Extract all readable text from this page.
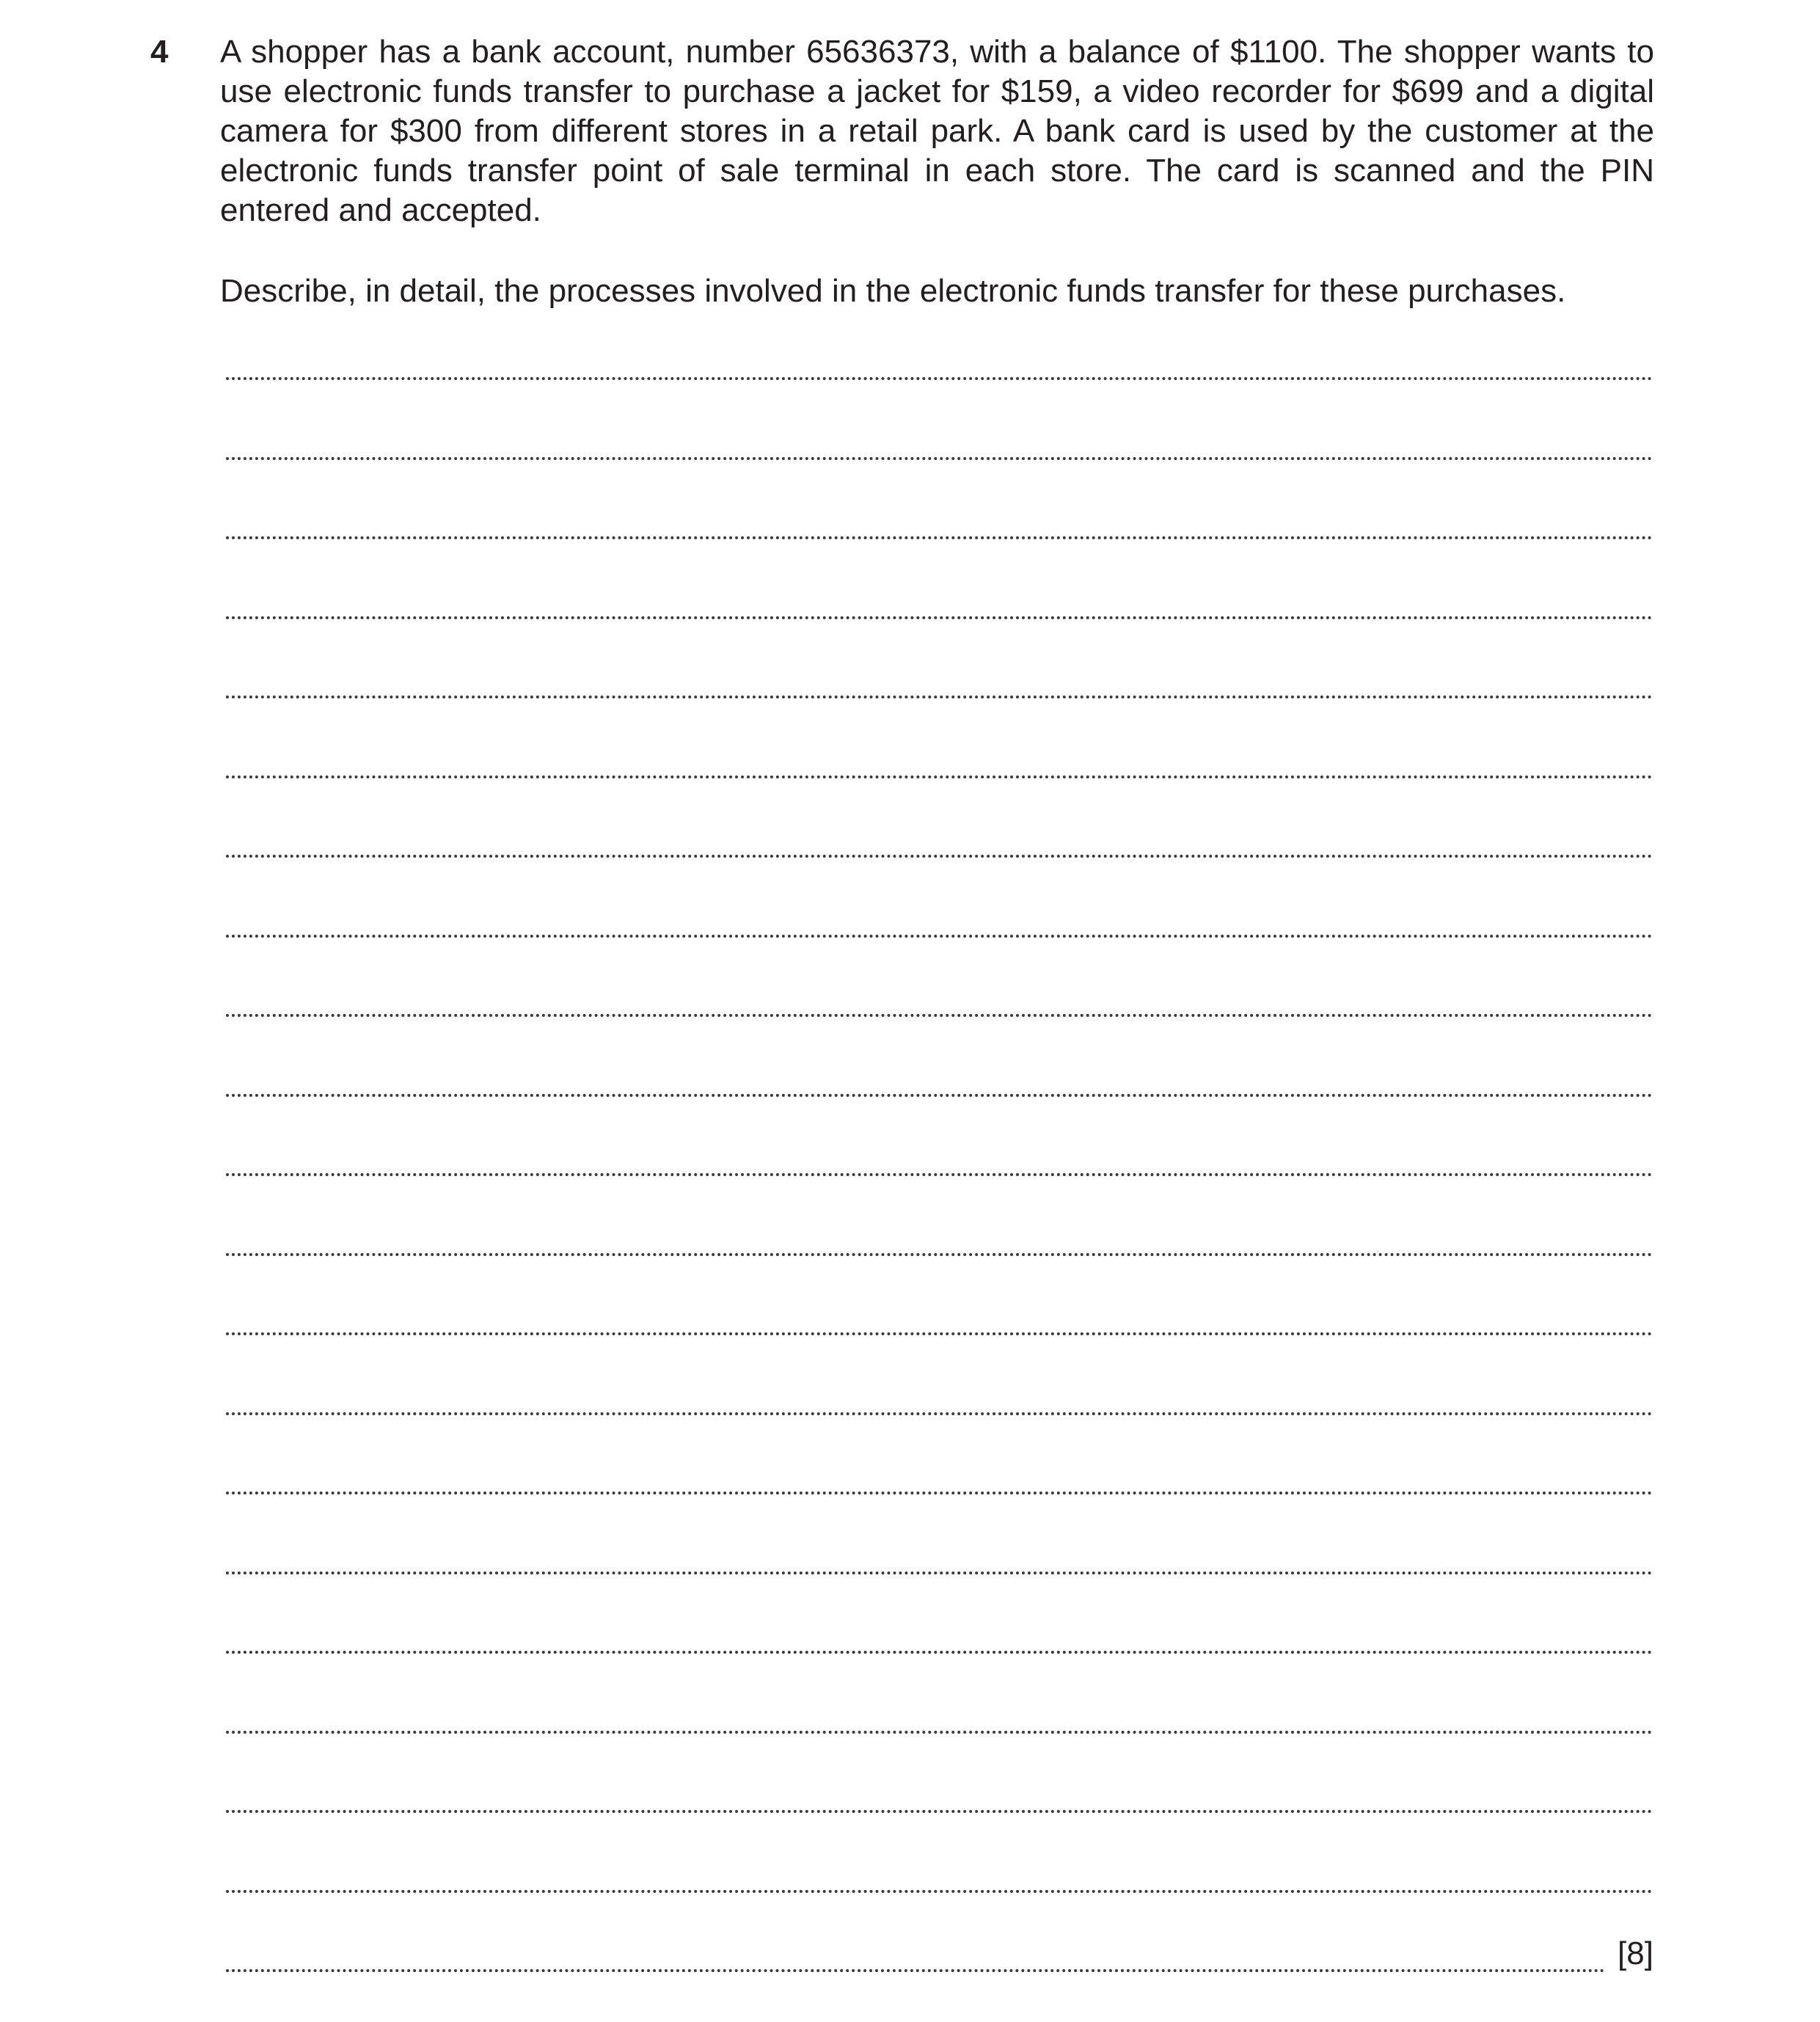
4 A shopper has a bank account, number 65636373, with a balance of $1100. The shopper wants to use electronic funds transfer to purchase a jacket for $159, a video recorder for $699 and a digital camera for $300 from different stores in a retail park. A bank card is used by the customer at the electronic funds transfer point of sale terminal in each store. The card is scanned and the PIN entered and accepted.

Describe, in detail, the processes involved in the electronic funds transfer for these purchases.

[8]
